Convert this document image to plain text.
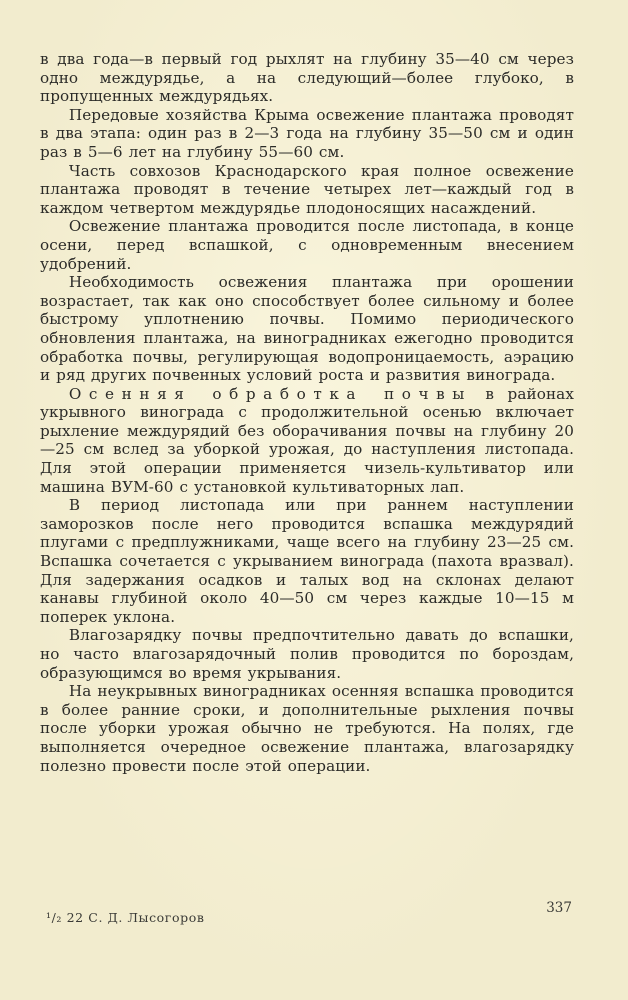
в два года—в первый год рыхлят на глубину 35—40 см через одно междурядье, а на следующий—более глубоко, в пропущенных междурядьях.

Передовые хозяйства Крыма освежение плантажа проводят в два этапа: один раз в 2—3 года на глубину 35—50 см и один раз в 5—6 лет на глубину 55—60 см.

Часть совхозов Краснодарского края полное освежение плантажа проводят в течение четырех лет—каждый год в каждом четвертом междурядье плодоносящих насаждений.

Освежение плантажа проводится после листопада, в конце осени, перед вспашкой, с одновременным внесением удобрений.

Необходимость освежения плантажа при орошении возрастает, так как оно способствует более сильному и более быстрому уплотнению почвы. Помимо периодического обновления плантажа, на виноградниках ежегодно проводится обработка почвы, регулирующая водопроницаемость, аэрацию и ряд других почвенных условий роста и развития винограда.

Осенняя обработка почвы в районах укрывного винограда с продолжительной осенью включает рыхление междурядий без оборачивания почвы на глубину 20—25 см вслед за уборкой урожая, до наступления листопада. Для этой операции применяется чизель-культиватор или машина ВУМ-60 с установкой культиваторных лап.

В период листопада или при раннем наступлении заморозков после него проводится вспашка междурядий плугами с предплужниками, чаще всего на глубину 23—25 см. Вспашка сочетается с укрыванием винограда (пахота вразвал). Для задержания осадков и талых вод на склонах делают канавы глубиной около 40—50 см через каждые 10—15 м поперек уклона.

Влагозарядку почвы предпочтительно давать до вспашки, но часто влагозарядочный полив проводится по бороздам, образующимся во время укрывания.

На неукрывных виноградниках осенняя вспашка проводится в более ранние сроки, и дополнительные рыхления почвы после уборки урожая обычно не требуются. На полях, где выполняется очередное освежение плантажа, влагозарядку полезно провести после этой операции.

¹/₂ 22 С. Д. Лысогоров
337
